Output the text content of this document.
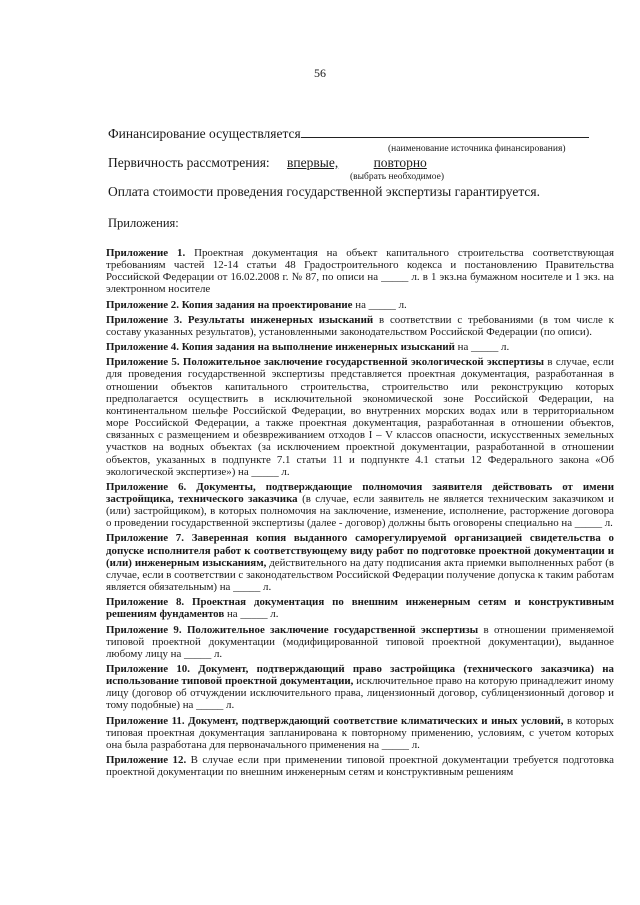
56
Финансирование осуществляется
(наименование источника финансирования)
Первичность рассмотрения: впервые,	повторно
(выбрать необходимое)
Оплата стоимости проведения государственной экспертизы гарантируется.
Приложения:

Приложение 1. Проектная документация на объект капитального строительства соответствующая требованиям частей 12-14 статьи 48 Градостроительного кодекса и постановлению Правительства Российской Федерации от 16.02.2008 г. № 87, по описи на _____ л. в 1 экз.на бумажном носителе и 1 экз. на электронном носителе

Приложение 2. Копия задания на проектирование на _____ л.

Приложение 3. Результаты инженерных изысканий в соответствии с требованиями (в том числе к составу указанных результатов), установленными законодательством Российской Федерации (по описи).

Приложение 4. Копия задания на выполнение инженерных изысканий на _____ л.

Приложение 5. Положительное заключение государственной экологической экспертизы в случае, если для проведения государственной экспертизы представляется проектная документация, разработанная в отношении объектов капитального строительства, строительство или реконструкцию которых предполагается осуществить в исключительной экономической зоне Российской Федерации, на континентальном шельфе Российской Федерации, во внутренних морских водах или в территориальном море Российской Федерации, а также проектная документация, разработанная в отношении объектов, связанных с размещением и обезвреживанием отходов I – V классов опасности, искусственных земельных участков на водных объектах (за исключением проектной документации, разработанной в отношении объектов, указанных в подпункте 7.1 статьи 11 и подпункте 4.1 статьи 12 Федерального закона «Об экологической экспертизе») на _____ л.

Приложение 6. Документы, подтверждающие полномочия заявителя действовать от имени застройщика, технического заказчика (в случае, если заявитель не является техническим заказчиком и (или) застройщиком), в которых полномочия на заключение, изменение, исполнение, расторжение договора о проведении государственной экспертизы (далее - договор) должны быть оговорены специально на _____ л.

Приложение 7. Заверенная копия выданного саморегулируемой организацией свидетельства о допуске исполнителя работ к соответствующему виду работ по подготовке проектной документации и (или) инженерным изысканиям, действительного на дату подписания акта приемки выполненных работ (в случае, если в соответствии с законодательством Российской Федерации получение допуска к таким работам является обязательным) на _____ л.

Приложение 8. Проектная документация по внешним инженерным сетям и конструктивным решениям фундаментов на _____ л.

Приложение 9. Положительное заключение государственной экспертизы в отношении применяемой типовой проектной документации (модифицированной типовой проектной документации), выданное любому лицу на _____ л.

Приложение 10. Документ, подтверждающий право застройщика (технического заказчика) на использование типовой проектной документации, исключительное право на которую принадлежит иному лицу (договор об отчуждении исключительного права, лицензионный договор, сублицензионный договор и тому подобные) на _____ л.

Приложение 11. Документ, подтверждающий соответствие климатических и иных условий, в которых типовая проектная документация запланирована к повторному применению, условиям, с учетом которых она была разработана для первоначального применения на _____ л.

Приложение 12. В случае если при применении типовой проектной документации требуется подготовка проектной документации по внешним инженерным сетям и конструктивным решениям
